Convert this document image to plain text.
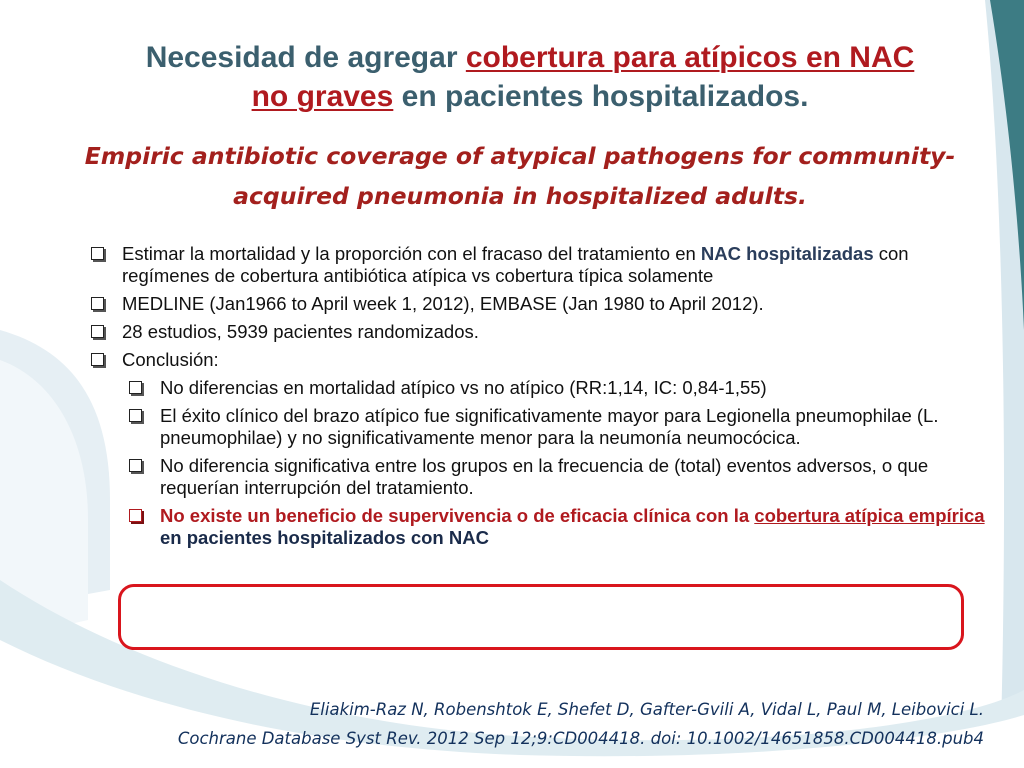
Necesidad de agregar cobertura para atípicos en NAC
no graves en pacientes hospitalizados.
Empiric antibiotic coverage of atypical pathogens for community-
acquired pneumonia in hospitalized adults.
Estimar la mortalidad y la proporción con el fracaso del tratamiento en NAC hospitalizadas con regímenes de cobertura antibiótica atípica vs cobertura típica solamente
MEDLINE (Jan1966 to April week 1, 2012), EMBASE (Jan 1980 to April 2012).
28 estudios, 5939 pacientes randomizados.
Conclusión:
No diferencias en mortalidad atípico vs no atípico (RR:1,14, IC: 0,84-1,55)
El éxito clínico del brazo atípico fue significativamente mayor para Legionella pneumophilae (L. pneumophilae) y no significativamente menor para la neumonía neumocócica.
No diferencia significativa entre los grupos en la frecuencia de (total) eventos adversos, o que requerían interrupción del tratamiento.
No existe un beneficio de supervivencia o de eficacia clínica con la cobertura atípica empírica en pacientes hospitalizados con NAC

Eliakim-Raz N, Robenshtok E, Shefet D, Gafter-Gvili A, Vidal L, Paul M, Leibovici L.

Cochrane Database Syst Rev. 2012 Sep 12;9:CD004418. doi: 10.1002/14651858.CD004418.pub4
